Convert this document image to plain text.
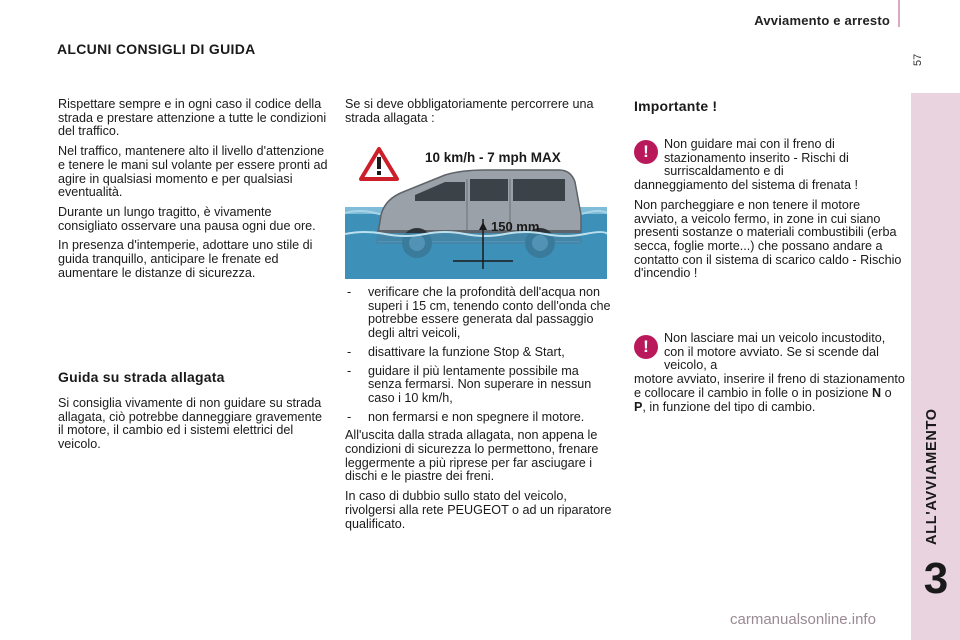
Avviamento e arresto
57
ALL'AVVIAMENTO
3
ALCUNI CONSIGLI DI GUIDA

Rispettare sempre e in ogni caso il codice della strada e prestare attenzione a tutte le condizioni del traffico.

Nel traffico, mantenere alto il livello d'attenzione e tenere le mani sul volante per essere pronti ad agire in qualsiasi momento e per qualsiasi eventualità.

Durante un lungo tragitto, è vivamente consigliato osservare una pausa ogni due ore.

In presenza d'intemperie, adottare uno stile di guida tranquillo, anticipare le frenate ed aumentare le distanze di sicurezza.

Guida su strada allagata

Si consiglia vivamente di non guidare su strada allagata, ciò potrebbe danneggiare gravemente il motore, il cambio ed i sistemi elettrici del veicolo.

Se si deve obbligatoriamente percorrere una strada allagata :

10 km/h - 7 mph MAX
150 mm
- verificare che la profondità dell'acqua non superi i 15 cm, tenendo conto dell'onda che potrebbe essere generata dal passaggio degli altri veicoli,
- disattivare la funzione Stop & Start,
- guidare il più lentamente possibile ma senza fermarsi. Non superare in nessun caso i 10 km/h,
- non fermarsi e non spegnere il motore.

All'uscita dalla strada allagata, non appena le condizioni di sicurezza lo permettono, frenare leggermente a più riprese per far asciugare i dischi e le piastre dei freni.

In caso di dubbio sullo stato del veicolo, rivolgersi alla rete PEUGEOT o ad un riparatore qualificato.

Importante !
!	Non guidare mai con il freno di stazionamento inserito - Rischi di surriscaldamento e di
danneggiamento del sistema di frenata !

Non parcheggiare e non tenere il motore avviato, a veicolo fermo, in zone in cui siano presenti sostanze o materiali combustibili (erba secca, foglie morte...) che possano andare a contatto con il sistema di scarico caldo - Rischio d'incendio !

!	Non lasciare mai un veicolo incustodito, con il motore avviato. Se si scende dal veicolo, a
motore avviato, inserire il freno di stazionamento e collocare il cambio in folle o in posizione N o P, in funzione del tipo di cambio.

carmanualsonline.info
